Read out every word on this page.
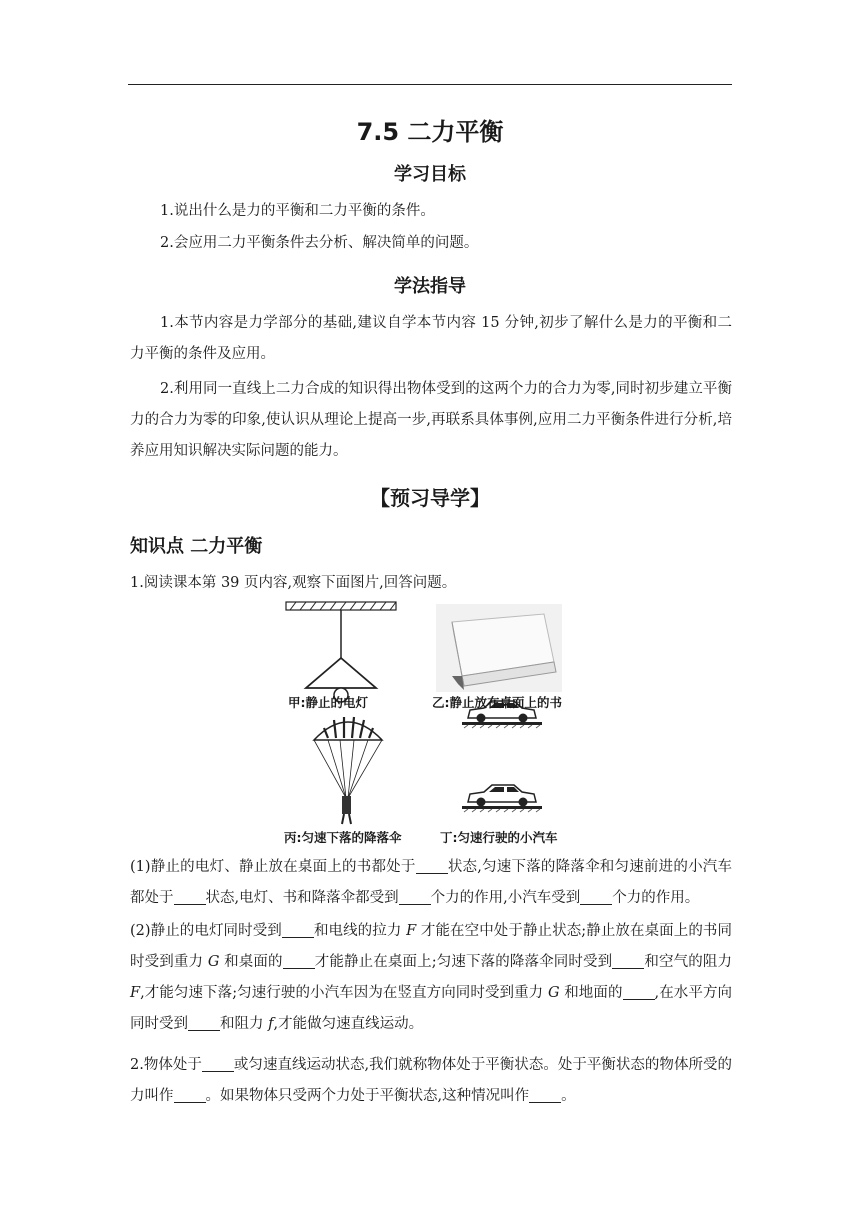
7.5 二力平衡
学习目标

1.说出什么是力的平衡和二力平衡的条件。

2.会应用二力平衡条件去分析、解决简单的问题。

学法指导

1.本节内容是力学部分的基础,建议自学本节内容 15 分钟,初步了解什么是力的平衡和二力平衡的条件及应用。

2.利用同一直线上二力合成的知识得出物体受到的这两个力的合力为零,同时初步建立平衡力的合力为零的印象,使认识从理论上提高一步,再联系具体事例,应用二力平衡条件进行分析,培养应用知识解决实际问题的能力。

【预习导学】
知识点 二力平衡

1.阅读课本第 39 页内容,观察下面图片,回答问题。

甲:静止的电灯	乙:静止放在桌面上的书
丙:匀速下落的降落伞	丁:匀速行驶的小汽车

(1)静止的电灯、静止放在桌面上的书都处于 状态,匀速下落的降落伞和匀速前进的小汽车都处于 状态,电灯、书和降落伞都受到 个力的作用,小汽车受到 个力的作用。

(2)静止的电灯同时受到 和电线的拉力 F 才能在空中处于静止状态;静止放在桌面上的书同时受到重力 G 和桌面的 才能静止在桌面上;匀速下落的降落伞同时受到 和空气的阻力 F,才能匀速下落;匀速行驶的小汽车因为在竖直方向同时受到重力 G 和地面的 ,在水平方向同时受到 和阻力 f,才能做匀速直线运动。

2.物体处于 或匀速直线运动状态,我们就称物体处于平衡状态。处于平衡状态的物体所受的力叫作 。如果物体只受两个力处于平衡状态,这种情况叫作 。
